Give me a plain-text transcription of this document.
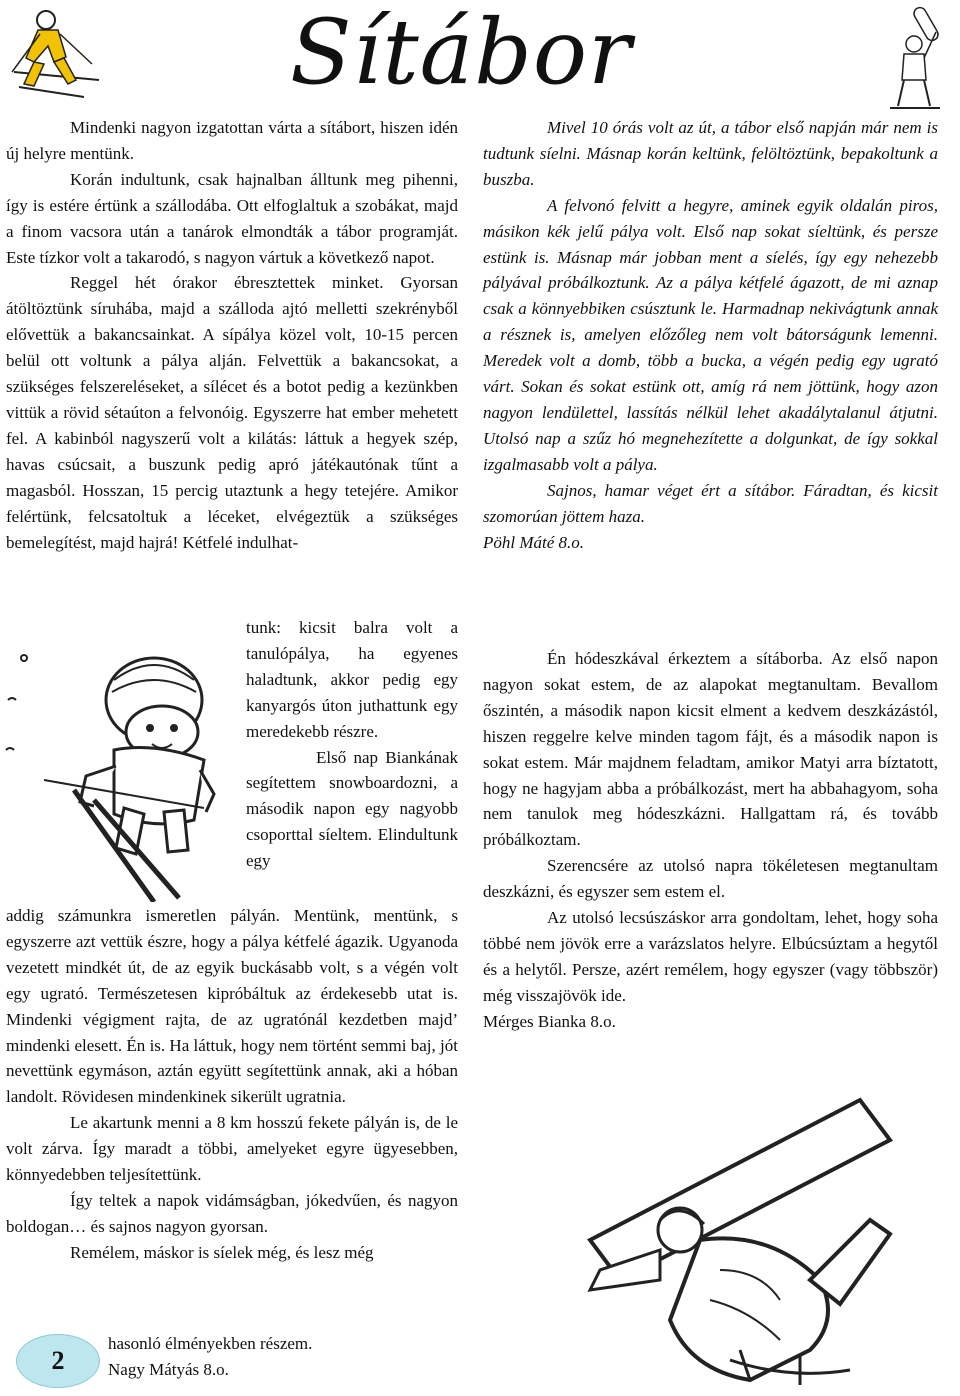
Sítábor

Mindenki nagyon izgatottan várta a sítábort, hiszen idén új helyre mentünk.

Korán indultunk, csak hajnalban álltunk meg pihenni, így is estére értünk a szállodába. Ott elfoglaltuk a szobákat, majd a finom vacsora után a tanárok elmondták a tábor programját. Este tízkor volt a takarodó, s nagyon vártuk a következő napot.

Reggel hét órakor ébresztettek minket. Gyorsan átöltöztünk síruhába, majd a szálloda ajtó melletti szekrényből elővettük a bakancsainkat. A sípálya közel volt, 10-15 percen belül ott voltunk a pálya alján. Felvettük a bakancsokat, a szükséges felszereléseket, a sílécet és a botot pedig a kezünkben vittük a rövid sétaúton a felvonóig. Egyszerre hat ember mehetett fel. A kabinból nagyszerű volt a kilátás: láttuk a hegyek szép, havas csúcsait, a buszunk pedig apró játékautónak tűnt a magasból. Hosszan, 15 percig utaztunk a hegy tetejére. Amikor felértünk, felcsatoltuk a léceket, elvégeztük a szükséges bemelegítést, majd hajrá! Kétfelé indulhat-

tunk: kicsit balra volt a tanulópálya, ha egyenes haladtunk, akkor pedig egy kanyargós úton juthattunk egy meredekebb részre.

Első nap Biankának segítettem snowboardozni, a második napon egy nagyobb csoporttal síeltem. Elindultunk egy

addig számunkra ismeretlen pályán. Mentünk, mentünk, s egyszerre azt vettük észre, hogy a pálya kétfelé ágazik. Ugyanoda vezetett mindkét út, de az egyik buckásabb volt, s a végén volt egy ugrató. Természetesen kipróbáltuk az érdekesebb utat is. Mindenki végigment rajta, de az ugratónál kezdetben majd’ mindenki elesett. Én is. Ha láttuk, hogy nem történt semmi baj, jót nevettünk egymáson, aztán együtt segítettünk annak, aki a hóban landolt. Rövidesen mindenkinek sikerült ugratnia.

Le akartunk menni a 8 km hosszú fekete pályán is, de le volt zárva. Így maradt a többi, amelyeket egyre ügyesebben, könnyedebben teljesítettünk.

Így teltek a napok vidámságban, jókedvűen, és nagyon boldogan… és sajnos nagyon gyorsan.

Remélem, máskor is síelek még, és lesz még

hasonló élményekben részem.
Nagy Mátyás 8.o.
2

Mivel 10 órás volt az út, a tábor első napján már nem is tudtunk síelni. Másnap korán keltünk, felöltöztünk, bepakoltunk a buszba.

A felvonó felvitt a hegyre, aminek egyik oldalán piros, másikon kék jelű pálya volt. Első nap sokat síeltünk, és persze estünk is. Másnap már jobban ment a síelés, így egy nehezebb pályával próbálkoztunk. Az a pálya kétfelé ágazott, de mi aznap csak a könnyebbiken csúsztunk le. Harmadnap nekivágtunk annak a résznek is, amelyen előzőleg nem volt bátorságunk lemenni. Meredek volt a domb, több a bucka, a végén pedig egy ugrató várt. Sokan és sokat estünk ott, amíg rá nem jöttünk, hogy azon nagyon lendülettel, lassítás nélkül lehet akadálytalanul átjutni. Utolsó nap a szűz hó megnehezítette a dolgunkat, de így sokkal izgalmasabb volt a pálya.

Sajnos, hamar véget ért a sítábor. Fáradtan, és kicsit szomorúan jöttem haza.

Pöhl Máté 8.o.

Én hódeszkával érkeztem a sítáborba. Az első napon nagyon sokat estem, de az alapokat megtanultam. Bevallom őszintén, a második napon kicsit elment a kedvem deszkázástól, hiszen reggelre kelve minden tagom fájt, és a második napon is sokat estem. Már majdnem feladtam, amikor Matyi arra bíztatott, hogy ne hagyjam abba a próbálkozást, mert ha abbahagyom, soha nem tanulok meg hódeszkázni. Hallgattam rá, és tovább próbálkoztam.

Szerencsére az utolsó napra tökéletesen megtanultam deszkázni, és egyszer sem estem el.

Az utolsó lecsúszáskor arra gondoltam, lehet, hogy soha többé nem jövök erre a varázslatos helyre. Elbúcsúztam a hegytől és a helytől. Persze, azért remélem, hogy egyszer (vagy többször) még visszajövök ide.

Mérges Bianka 8.o.
